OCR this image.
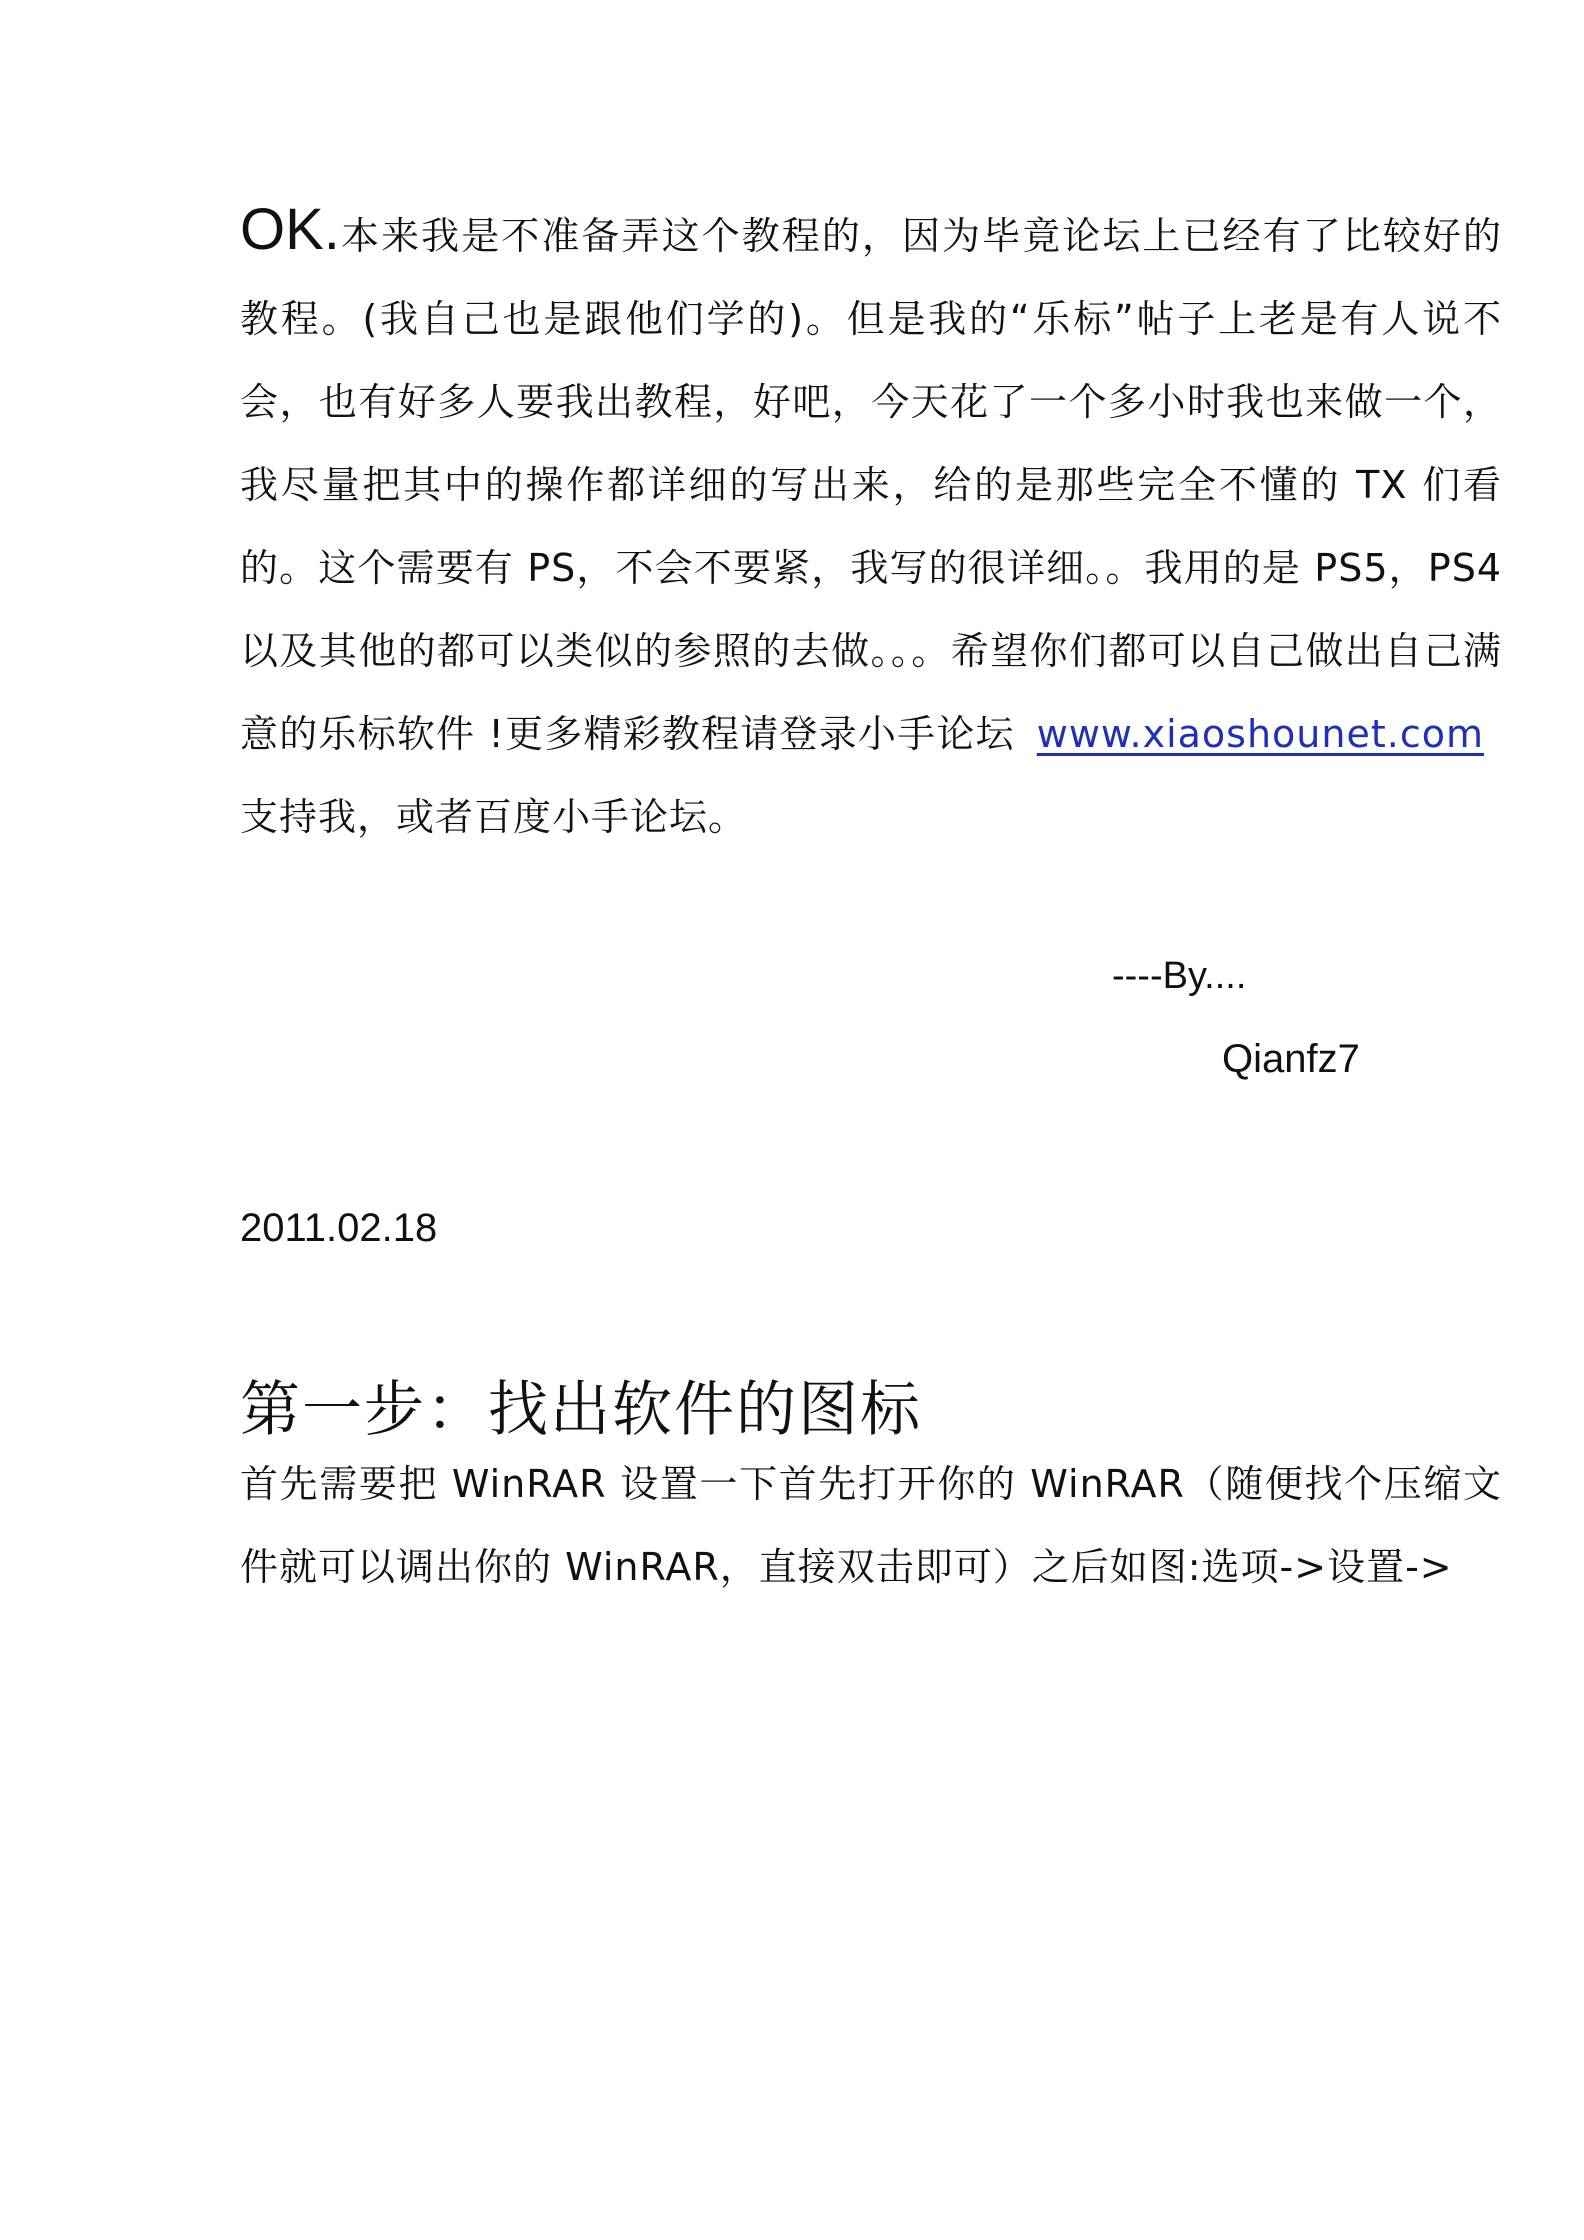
OK.本来我是不准备弄这个教程的，因为毕竟论坛上已经有了比较好的教程。(我自己也是跟他们学的)。但是我的“乐标”帖子上老是有人说不会，也有好多人要我出教程，好吧，今天花了一个多小时我也来做一个，我尽量把其中的操作都详细的写出来，给的是那些完全不懂的 TX 们看的。这个需要有 PS，不会不要紧，我写的很详细。。我用的是 PS5，PS4 以及其他的都可以类似的参照的去做。。。希望你们都可以自己做出自己满意的乐标软件 !更多精彩教程请登录小手论坛 www.xiaoshounet.com支持我，或者百度小手论坛。

----By....
Qianfz7
2011.02.18
第一步：找出软件的图标

首先需要把 WinRAR 设置一下首先打开你的 WinRAR（随便找个压缩文件就可以调出你的 WinRAR，直接双击即可）之后如图:选项->设置->
